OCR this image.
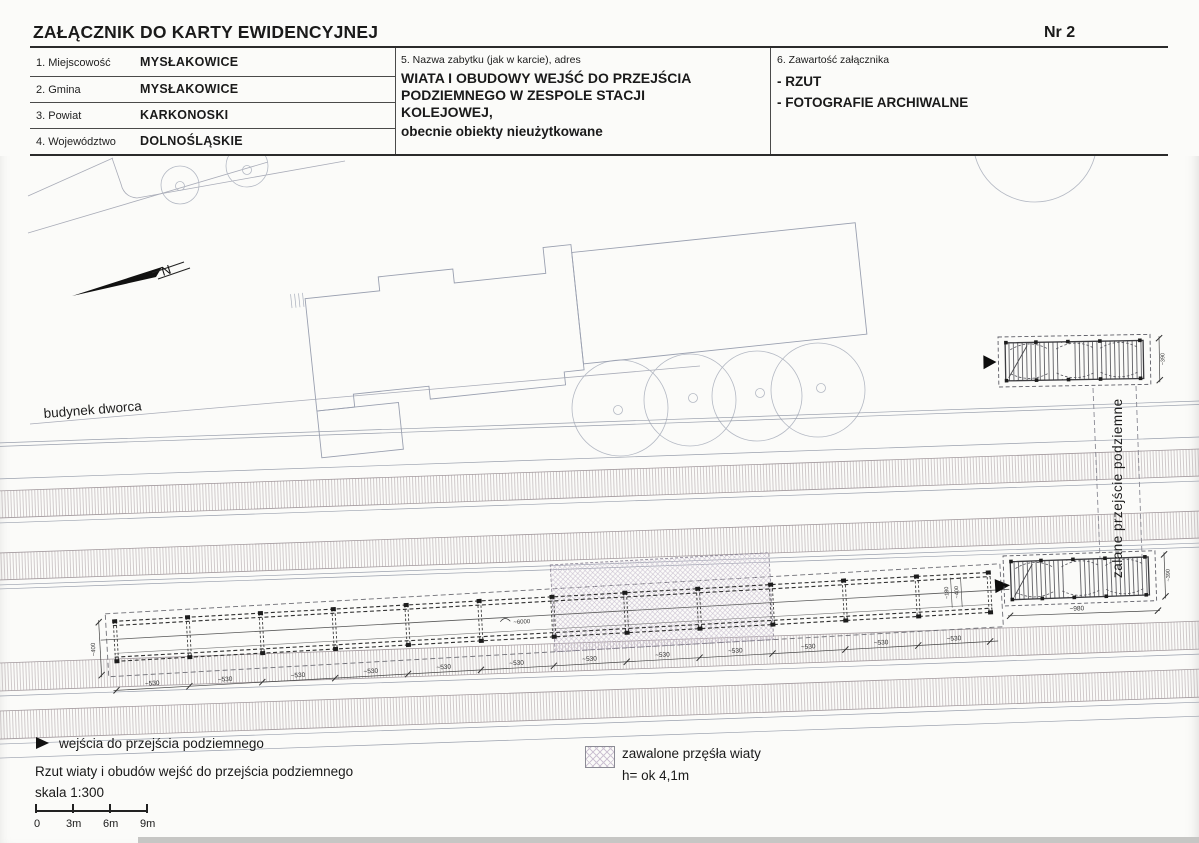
~530
~530
~530
~530
~530
~530
~530
~530
~530
~530
~530
~530
~400
~180 ~400
~6000
~390
~390
~980
N
budynek dworca	zalane przejście podziemne
ZAŁĄCZNIK DO KARTY EWIDENCYJNEJ	Nr 2
1. Miejscowość MYSŁAKOWICE
2. Gmina	MYSŁAKOWICE
3. Powiat	KARKONOSKI
4. Województwo DOLNOŚLĄSKIE
5. Nazwa zabytku (jak w karcie), adres
WIATA I OBUDOWY WEJŚĆ DO PRZEJŚCIA PODZIEMNEGO W ZESPOLE STACJI KOLEJOWEJ,
obecnie obiekty nieużytkowane
6. Zawartość załącznika
- RZUT
- FOTOGRAFIE ARCHIWALNE
wejścia do przejścia podziemnego
Rzut wiaty i obudów wejść do przejścia podziemnego
skala 1:300
0 3m 6m 9m
zawalone przęśła wiaty
h= ok 4,1m
